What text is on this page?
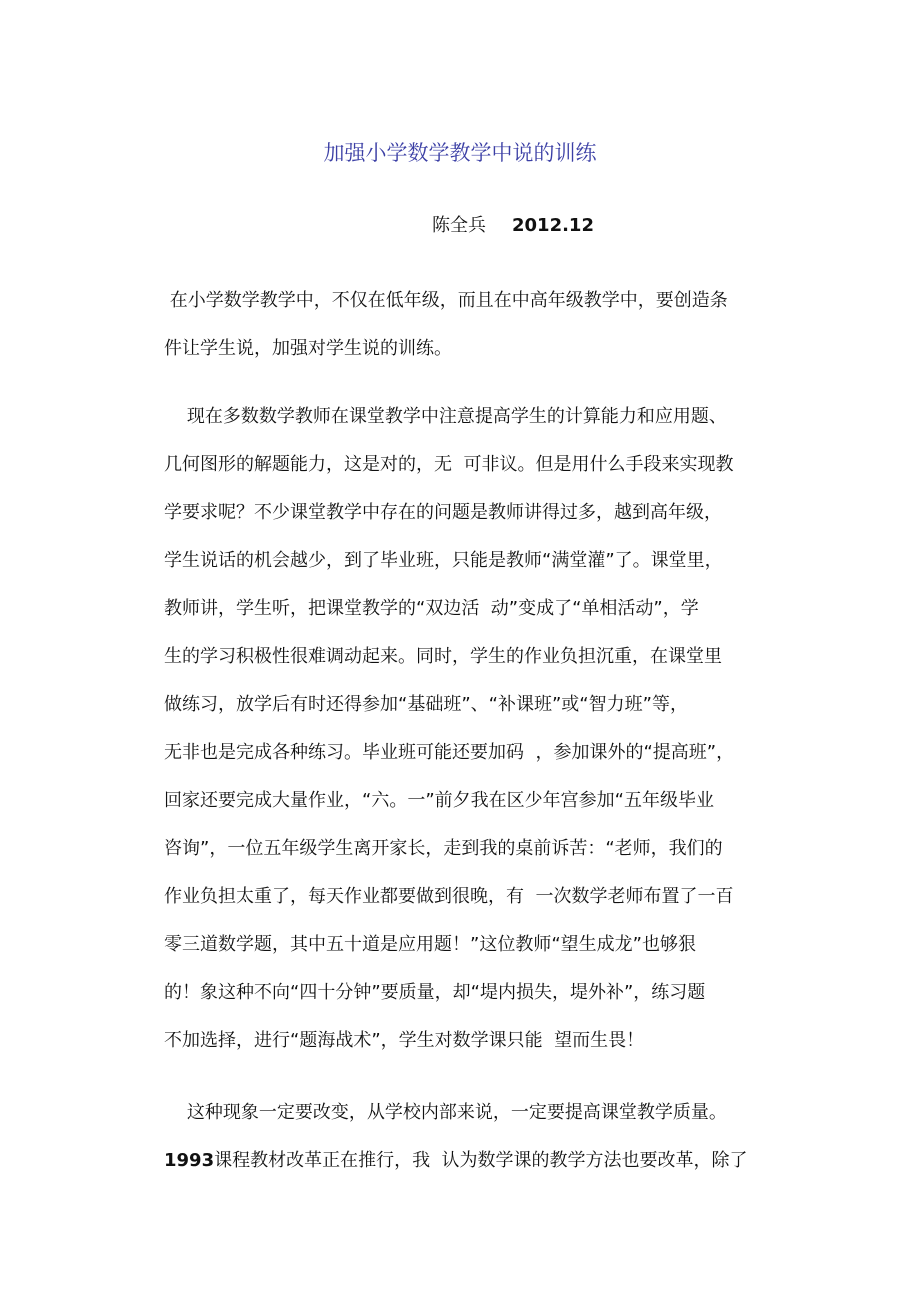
加强小学数学教学中说的训练
陈全兵 2012.12
在小学数学教学中，不仅在低年级，而且在中高年级教学中，要创造条
件让学生说，加强对学生说的训练。
现在多数数学教师在课堂教学中注意提高学生的计算能力和应用题、
几何图形的解题能力，这是对的，无  可非议。但是用什么手段来实现教
学要求呢？不少课堂教学中存在的问题是教师讲得过多，越到高年级，
学生说话的机会越少，到了毕业班，只能是教师“满堂灌”了。课堂里，
教师讲，学生听，把课堂教学的“双边活  动”变成了“单相活动”，学
生的学习积极性很难调动起来。同时，学生的作业负担沉重，在课堂里
做练习，放学后有时还得参加“基础班”、“补课班”或“智力班”等，
无非也是完成各种练习。毕业班可能还要加码  ，参加课外的“提高班”，
回家还要完成大量作业，“六。一”前夕我在区少年宫参加“五年级毕业
咨询”，一位五年级学生离开家长，走到我的桌前诉苦：“老师，我们的
作业负担太重了，每天作业都要做到很晚，有  一次数学老师布置了一百
零三道数学题，其中五十道是应用题！”这位教师“望生成龙”也够狠
的！象这种不向“四十分钟”要质量，却“堤内损失，堤外补”，练习题
不加选择，进行“题海战术”，学生对数学课只能  望而生畏！
这种现象一定要改变，从学校内部来说，一定要提高课堂教学质量。
1993课程教材改革正在推行，我  认为数学课的教学方法也要改革，除了
